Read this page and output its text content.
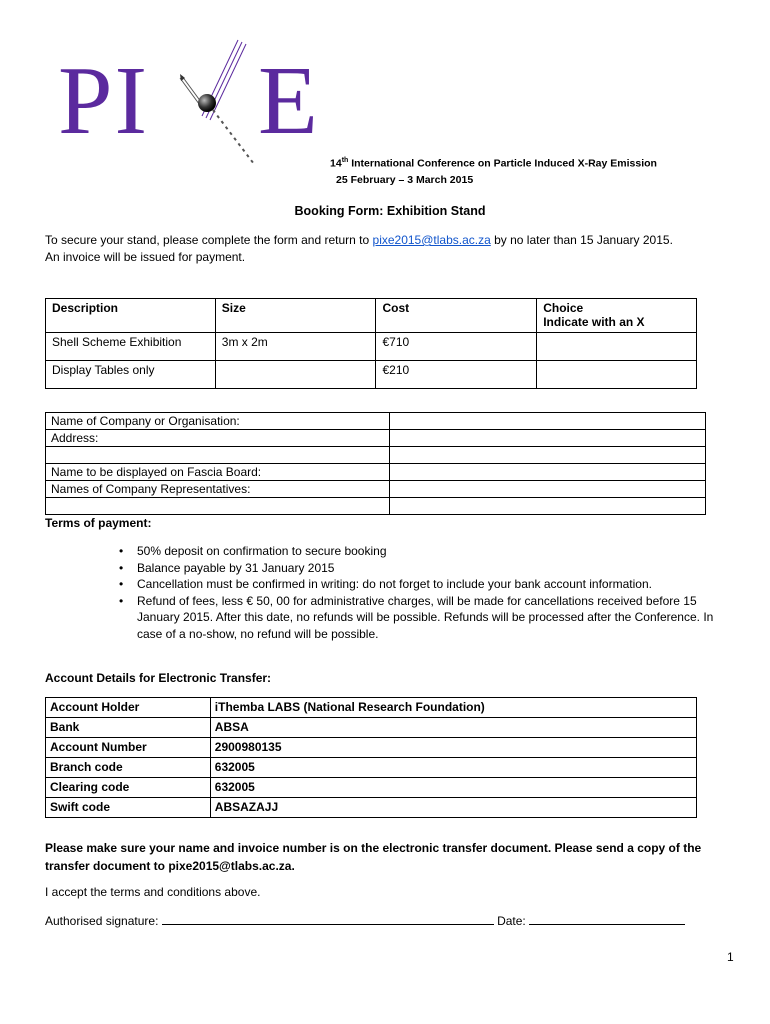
PI E
14th International Conference on Particle Induced X-Ray Emission
25 February – 3 March 2015
Booking Form: Exhibition Stand
To secure your stand, please complete the form and return to pixe2015@tlabs.ac.za by no later than 15 January 2015.
An invoice will be issued for payment.
Description	Size	Cost	Choice
Indicate with an X
Shell Scheme Exhibition	3m x 2m	€710	
Display Tables only		€210	
Name of Company or Organisation:	
Address:	

Name to be displayed on Fascia Board:	
Names of Company Representatives:	

Terms of payment:
• 50% deposit on confirmation to secure booking
• Balance payable by 31 January 2015
• Cancellation must be confirmed in writing: do not forget to include your bank account information.
• Refund of fees, less € 50, 00 for administrative charges, will be made for cancellations received before 15 January 2015. After this date, no refunds will be possible. Refunds will be processed after the Conference. In case of a no-show, no refund will be possible.
Account Details for Electronic Transfer:
Account Holder	iThemba LABS (National Research Foundation)
Bank	ABSA
Account Number	2900980135
Branch code	632005
Clearing code	632005
Swift code	ABSAZAJJ
Please make sure your name and invoice number is on the electronic transfer document. Please send a copy of the transfer document to pixe2015@tlabs.ac.za.
I accept the terms and conditions above.
Authorised signature:	Date:
1
